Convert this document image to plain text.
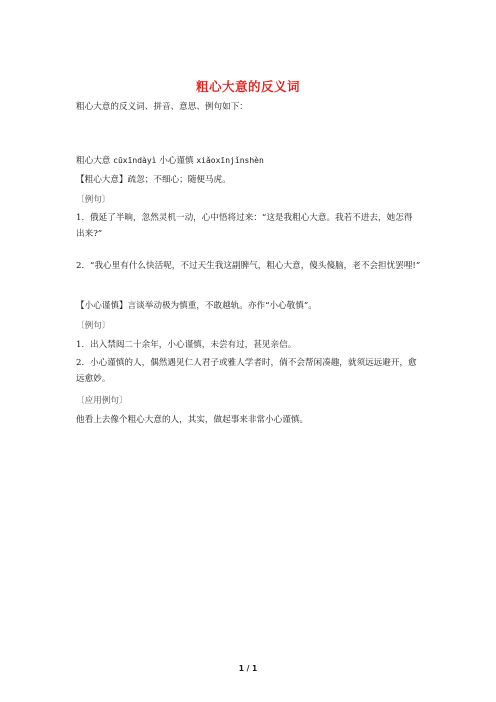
粗心大意的反义词
粗心大意的反义词、拼音、意思、例句如下：
粗心大意 cūxīndàyì 小心谨慎 xiǎoxīnjǐnshèn
【粗心大意】疏忽；不细心；随便马虎。
〔例句〕
1．俄延了半晌，忽然灵机一动，心中悟将过来：“这是我粗心大意。我若不进去，她怎得出来?”
2．“我心里有什么快活呢，不过天生我这副脾气，粗心大意，傻头傻脑，老不会担忧罢哩!”
【小心谨慎】言谈举动极为慎重，不敢越轨。亦作“小心敬慎”。
〔例句〕
1．出入禁闼二十余年，小心谨慎，未尝有过，甚见亲信。
2．小心谨慎的人，偶然遇见仁人君子或雅人学者时，倘不会帮闲凑趣，就须远远避开，愈远愈妙。
〔应用例句〕
他看上去像个粗心大意的人，其实，做起事来非常小心谨慎。
1 / 1
